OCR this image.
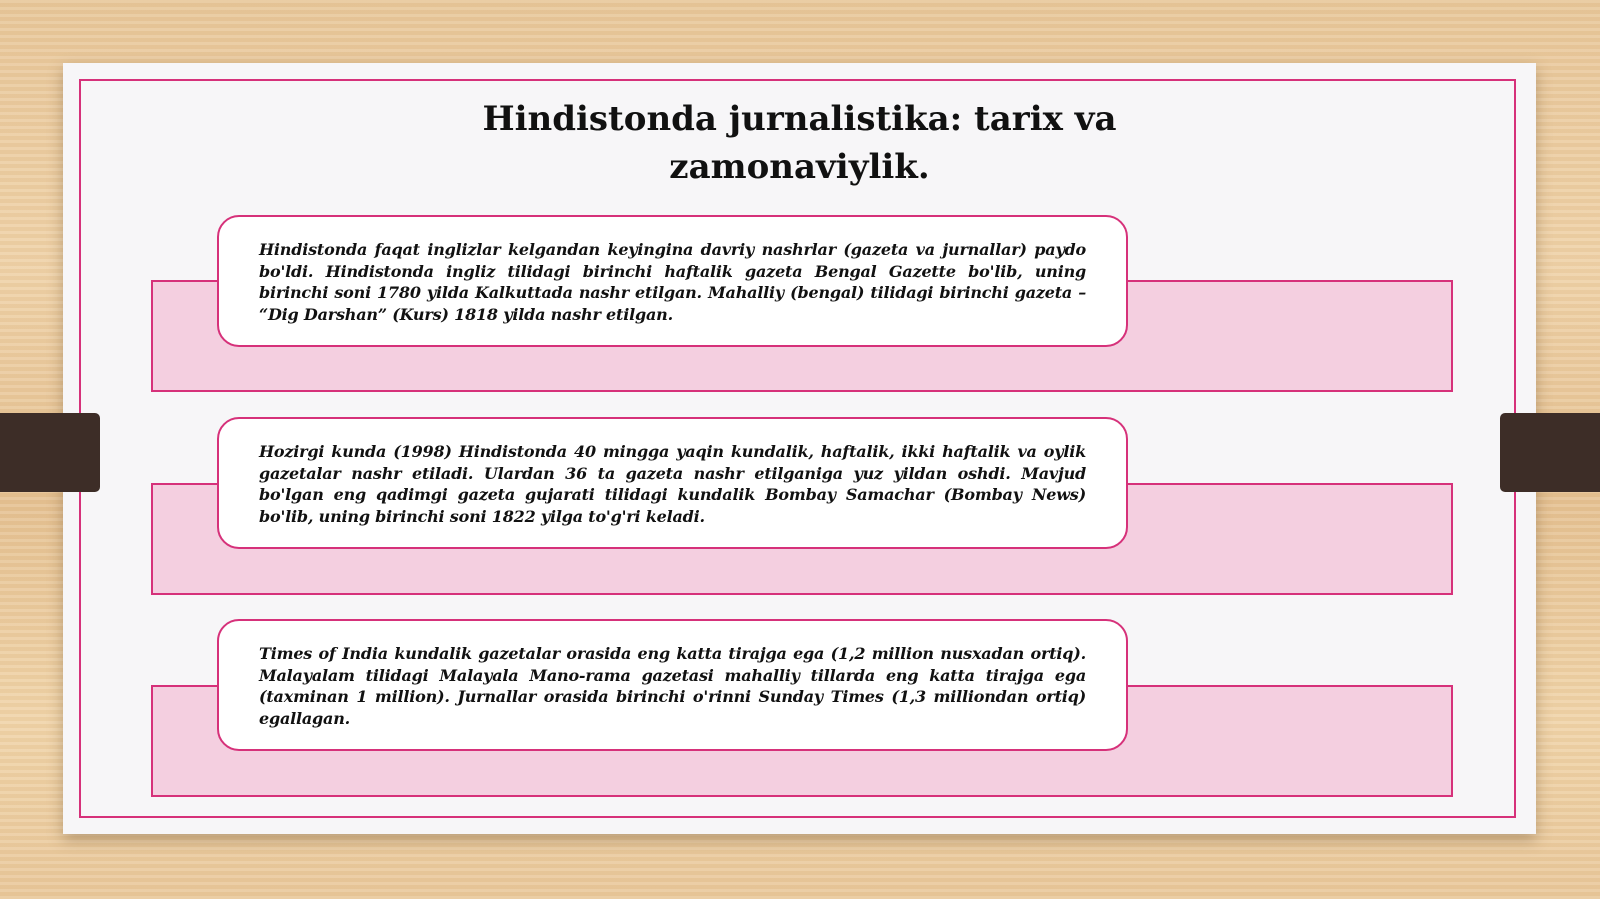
Hindistonda jurnalistika: tarix va
zamonaviylik.

Hindistonda faqat inglizlar kelgandan keyingina davriy nashrlar (gazeta va jurnallar) paydo bo'ldi. Hindistonda ingliz tilidagi birinchi haftalik gazeta Bengal Gazette bo'lib, uning birinchi soni 1780 yilda Kalkuttada nashr etilgan. Mahalliy (bengal) tilidagi birinchi gazeta – “Dig Darshan” (Kurs) 1818 yilda nashr etilgan.

Hozirgi kunda (1998) Hindistonda 40 mingga yaqin kundalik, haftalik, ikki haftalik va oylik gazetalar nashr etiladi. Ulardan 36 ta gazeta nashr etilganiga yuz yildan oshdi. Mavjud bo'lgan eng qadimgi gazeta gujarati tilidagi kundalik Bombay Samachar (Bombay News) bo'lib, uning birinchi soni 1822 yilga to'g'ri keladi.

Times of India kundalik gazetalar orasida eng katta tirajga ega (1,2 million nusxadan ortiq). Malayalam tilidagi Malayala Mano-rama gazetasi mahalliy tillarda eng katta tirajga ega (taxminan 1 million). Jurnallar orasida birinchi o'rinni Sunday Times (1,3 milliondan ortiq) egallagan.
